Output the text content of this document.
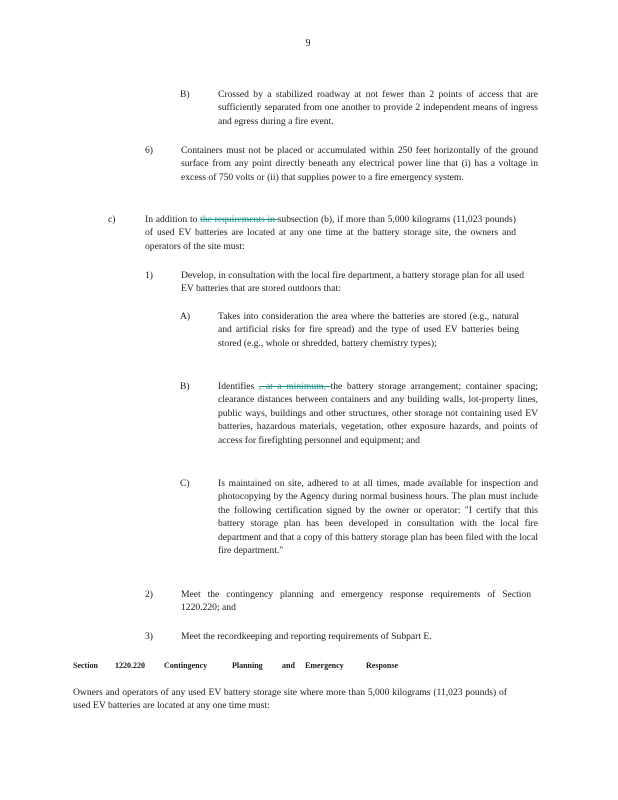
9
B)	Crossed by a stabilized roadway at not fewer than 2 points of access that are sufficiently separated from one another to provide 2 independent means of ingress and egress during a fire event.
6)	Containers must not be placed or accumulated within 250 feet horizontally of the ground surface from any point directly beneath any electrical power line that (i) has a voltage in excess of 750 volts or (ii) that supplies power to a fire emergency system.
c)	In addition to the requirements in subsection (b), if more than 5,000 kilograms (11,023 pounds) of used EV batteries are located at any one time at the battery storage site, the owners and operators of the site must:
1)	Develop, in consultation with the local fire department, a battery storage plan for all used EV batteries that are stored outdoors that:
A)	Takes into consideration the area where the batteries are stored (e.g., natural and artificial risks for fire spread) and the type of used EV batteries being stored (e.g., whole or shredded, battery chemistry types);
B)	Identifies , at a minimum, the battery storage arrangement; container spacing; clearance distances between containers and any building walls, lot-property lines, public ways, buildings and other structures, other storage not containing used EV batteries, hazardous materials, vegetation, other exposure hazards, and points of access for firefighting personnel and equipment; and
C)	Is maintained on site, adhered to at all times, made available for inspection and photocopying by the Agency during normal business hours. The plan must include the following certification signed by the owner or operator: "I certify that this battery storage plan has been developed in consultation with the local fire department and that a copy of this battery storage plan has been filed with the local fire department."
2)	Meet the contingency planning and emergency response requirements of Section 1220.220; and
3)	Meet the recordkeeping and reporting requirements of Subpart E.
Section 1220.220 Contingency	Planning and Emergency	Response
Owners and operators of any used EV battery storage site where more than 5,000 kilograms (11,023 pounds) of used EV batteries are located at any one time must:
